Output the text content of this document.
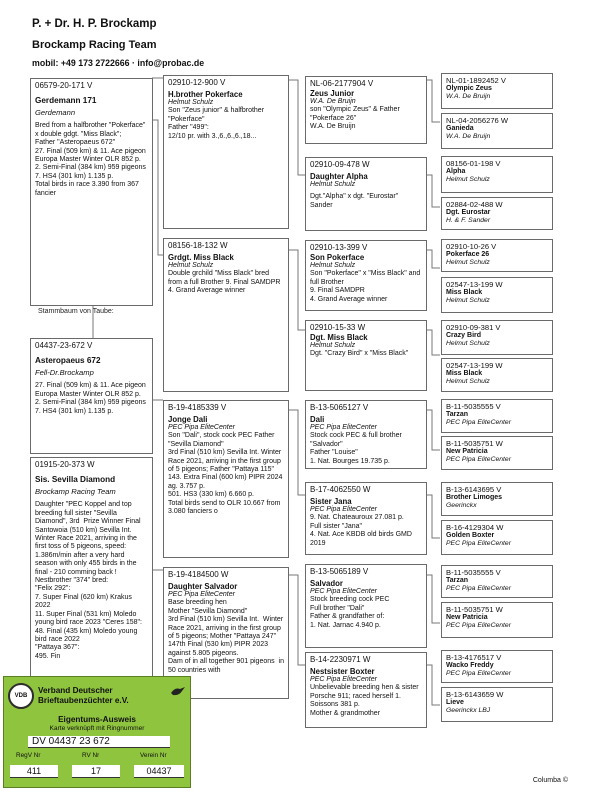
P. + Dr. H. P. Brockamp
Brockamp Racing Team
mobil: +49 173 2722666 · info@probac.de
06579-20-171 V
Gerdemann 171
Gerdemann
Bred from a halfbrother "Pokerface" x double gdgt. "Miss Black";
Father "Asteropaeus 672"
27. Final (509 km) & 11. Ace pigeon Europa Master Winter OLR 852 p.
2. Semi-Final (384 km) 959 pigeons
7. HS4 (301 km) 1.135 p.
Total birds in race 3.390 from 367 fancier
Stammbaum von Taube:
04437-23-672 V
Asteropaeus 672
Fell-Dr.Brockamp
27. Final (509 km) & 11. Ace pigeon Europa Master Winter OLR 852 p.
2. Semi-Final (384 km) 959 pigeons
7. HS4 (301 km) 1.135 p.
01915-20-373 W
Sis. Sevilla Diamond
Brockamp Racing Team
Daughter "PEC Koppel and top breeding full sister "Sevilla Diamond", 3rd  Prize Winner Final Santowoia (510 km) Sevilla Int. Winter Race 2021, arriving in the first toss of 5 pigeons, speed: 1.386m/min after a very hard season with only 455 birds in the final - 210 comming back !
Nestbrother "374" bred:
"Felix 292":
7. Super Final (620 km) Krakus 2022
11. Super Final (531 km) Moledo young bird race 2023 "Ceres 158":
48. Final (435 km) Moledo young bird race 2022
"Pattaya 367":
495. Fin
02910-12-900 V
H.brother Pokerface
Helmut Schulz
Son "Zeus junior" & halfbrother "Pokerface"
Father "499":
12/10 pr. with 3.,6.,6.,6.,18...
08156-18-132 W
Grdgt. Miss Black
Helmut Schulz
Double grchild "Miss Black" bred from a full Brother 9. Final SAMDPR
4. Grand Average winner
B-19-4185339 V
Jonge Dali
PEC Pipa EliteCenter
Son "Dali", stock cock PEC Father "Sevilla Diamond"
3rd Final (510 km) Sevilla Int. Winter  Race 2021, arriving in the first group of 5 pigeons; Father "Pattaya 115"
143. Extra Final (600 km) PIPR 2024 ag. 3.757 p.
501. HS3 (330 km) 6.660 p.
Total birds send to OLR 10.667 from 3.080 fanciers o
B-19-4184500 W
Daughter Salvador
PEC Pipa EliteCenter
Base breeding hen
Mother "Sevilla Diamond"
3rd Final (510 km) Sevilla Int.  Winter  Race 2021, arriving in the first group of 5 pigeons; Mother "Pattaya 247"
147th Final (530 km) PIPR 2023 against 5.805 pigeons.
Dam of in all together 901 pigeons  in 50 countries with
NL-06-2177904 V
Zeus Junior
W.A. De Bruijn
son "Olympic Zeus" & Father "Pokerface 26"
W.A. De Bruijn
02910-09-478 W
Daughter Alpha
Helmut Schulz
Dgt."Alpha" x dgt. "Eurostar" Sander
02910-13-399 V
Son Pokerface
Helmut Schulz
Son "Pokerface" x "Miss Black" and full Brother
9. Final SAMDPR
4. Grand Average winner
02910-15-33 W
Dgt. Miss Black
Helmut Schulz
Dgt. "Crazy Bird" x "Miss Black"
B-13-5065127 V
Dali
PEC Pipa EliteCenter
Stock cock PEC & full brother "Salvador"
Father "Louise"
1. Nat. Bourges 19.735 p.
B-17-4062550 W
Sister Jana
PEC Pipa EliteCenter
9. Nat. Chateauroux 27.081 p.
Full sister "Jana"
4. Nat. Ace KBDB old birds GMD 2019
B-13-5065189 V
Salvador
PEC Pipa EliteCenter
Stock breeding cock PEC
Full brother "Dali"
Father & grandfather of:
1. Nat. Jarnac 4.940 p.
B-14-2230971 W
Nestsister Boxter
PEC Pipa EliteCenter
Unbelievable breeding hen & sister Porsche 911; raced herself 1. Soissons 381 p.
Mother & grandmother
NL-01-1892452 V
Olympic Zeus
W.A. De Bruijn
NL-04-2056276 W
Ganieda
W.A. De Bruijn
08156-01-198 V
Alpha
Helmut Schulz
02884-02-488 W
Dgt. Eurostar
H. & F. Sander
02910-10-26 V
Pokerface 26
Helmut Schulz
02547-13-199 W
Miss Black
Helmut Schulz
02910-09-381 V
Crazy Bird
Helmut Schulz
02547-13-199 W
Miss Black
Helmut Schulz
B-11-5035555 V
Tarzan
PEC Pipa EliteCenter
B-11-5035751 W
New Patricia
PEC Pipa EliteCenter
B-13-6143695 V
Brother Limoges
Geerinckx
B-16-4129304 W
Golden Boxter
PEC Pipa EliteCenter
B-11-5035555 V
Tarzan
PEC Pipa EliteCenter
B-11-5035751 W
New Patricia
PEC Pipa EliteCenter
B-13-4176517 V
Wacko Freddy
PEC Pipa EliteCenter
B-13-6143659 W
Lieve
Geerinckx LBJ
VDB
Verband Deutscher
Brieftaubenzüchter e.V.
Eigentums-Ausweis
Karte verknüpft mit Ringnummer
DV 04437 23 672
RegV Nr	RV Nr	Verein Nr
411	17	04437
Columba ©
